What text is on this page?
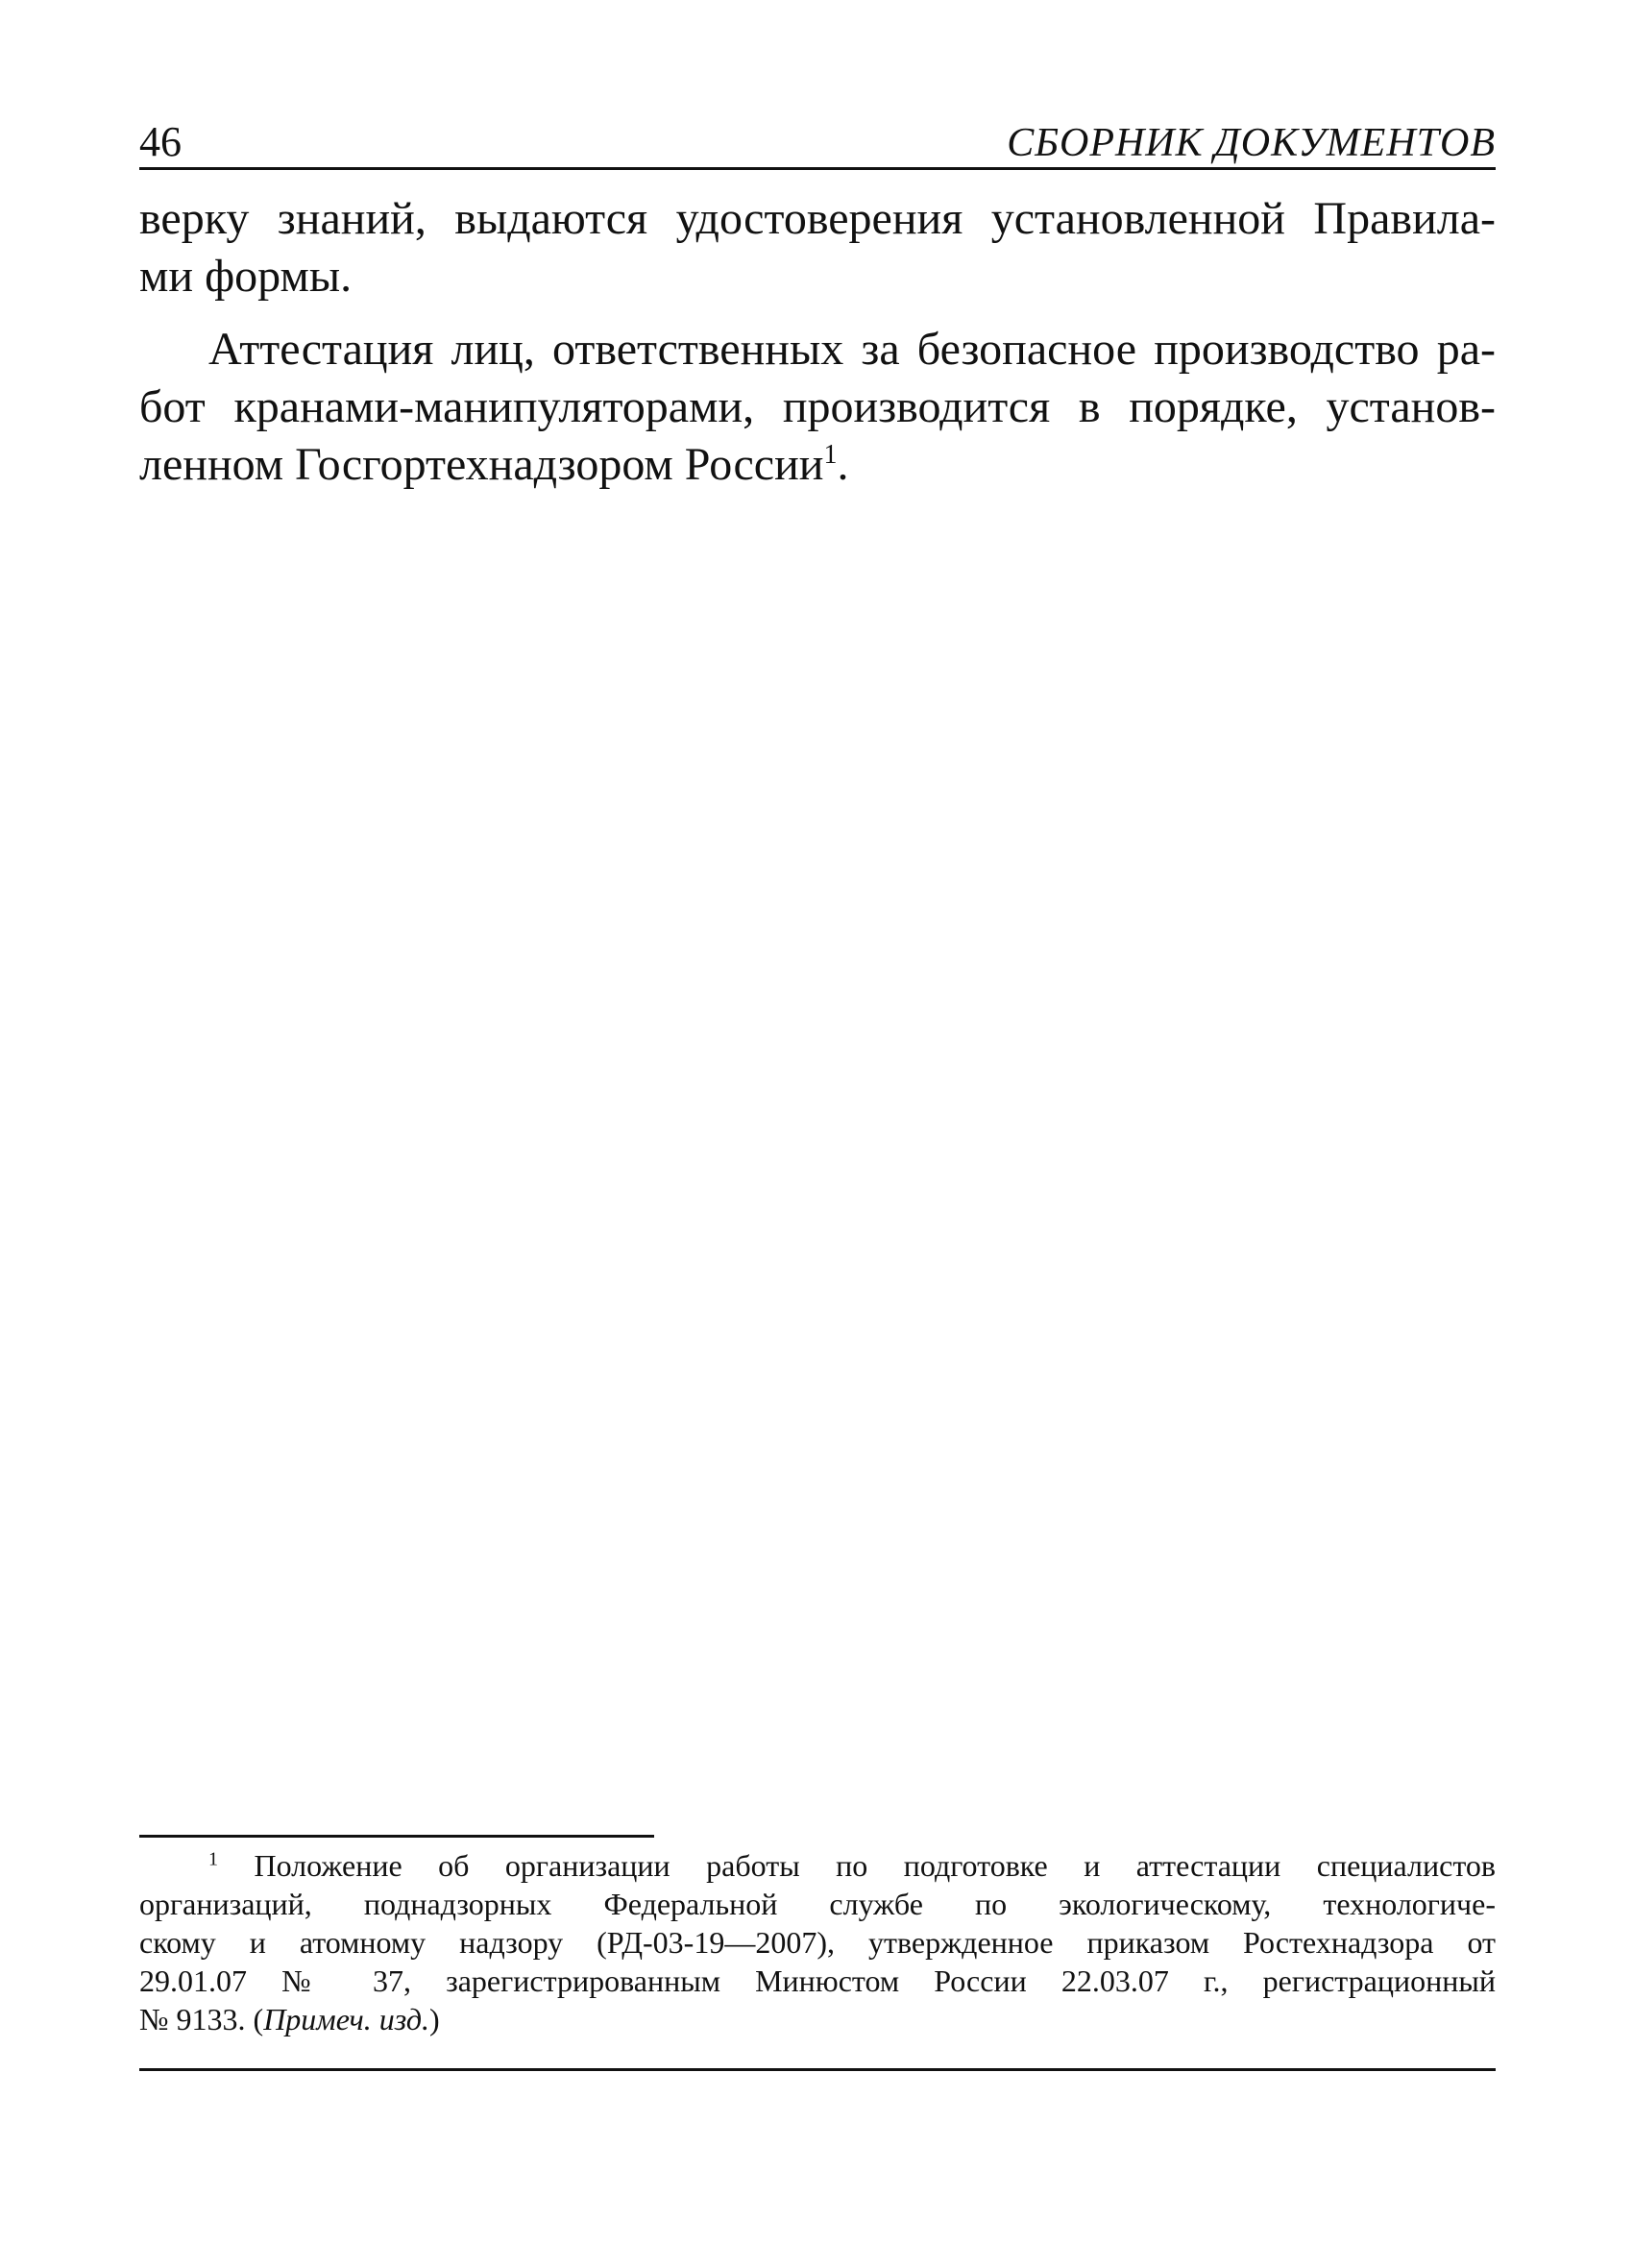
46	СБОРНИК ДОКУМЕНТОВ
верку знаний, выдаются удостоверения установленной Правила-
ми формы.
Аттестация лиц, ответственных за безопасное производство ра-
бот кранами-манипуляторами, производится в порядке, установ-
ленном Госгортехнадзором России$^1$.
$^1$ Положение об организации работы по подготовке и аттестации специалистов
организаций, поднадзорных Федеральной службе по экологическому, технологиче-
скому и атомному надзору (РД-03-19—2007), утвержденное приказом Ростехнадзора от
29.01.07 № 37, зарегистрированным Минюстом России 22.03.07 г., регистрационный
№ 9133. (Примеч. изд.)
